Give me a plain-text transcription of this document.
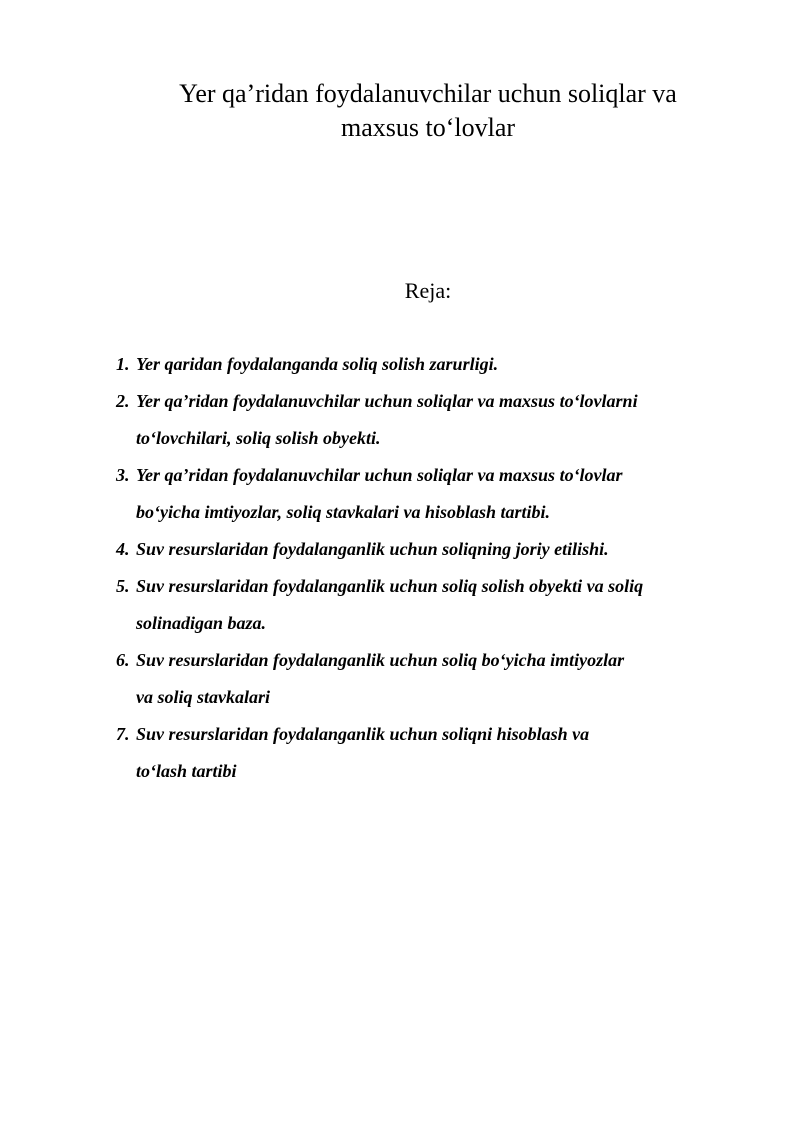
Yer qa’ridan foydalanuvchilar uchun soliqlar va
maxsus to‘lovlar
Reja:
1. Yer qaridan foydalanganda soliq solish zarurligi.
2. Yer qa’ridan foydalanuvchilar uchun soliqlar va maxsus to‘lovlarni
to‘lovchilari, soliq solish obyekti.
3. Yer qa’ridan foydalanuvchilar uchun soliqlar va maxsus to‘lovlar
bo‘yicha imtiyozlar, soliq stavkalari va hisoblash tartibi.
4. Suv resurslaridan foydalanganlik uchun soliqning joriy etilishi.
5. Suv resurslaridan foydalanganlik uchun soliq solish obyekti va soliq
solinadigan baza.
6. Suv resurslaridan foydalanganlik uchun soliq bo‘yicha imtiyozlar
va soliq stavkalari
7. Suv resurslaridan foydalanganlik uchun soliqni hisoblash va
to‘lash tartibi
